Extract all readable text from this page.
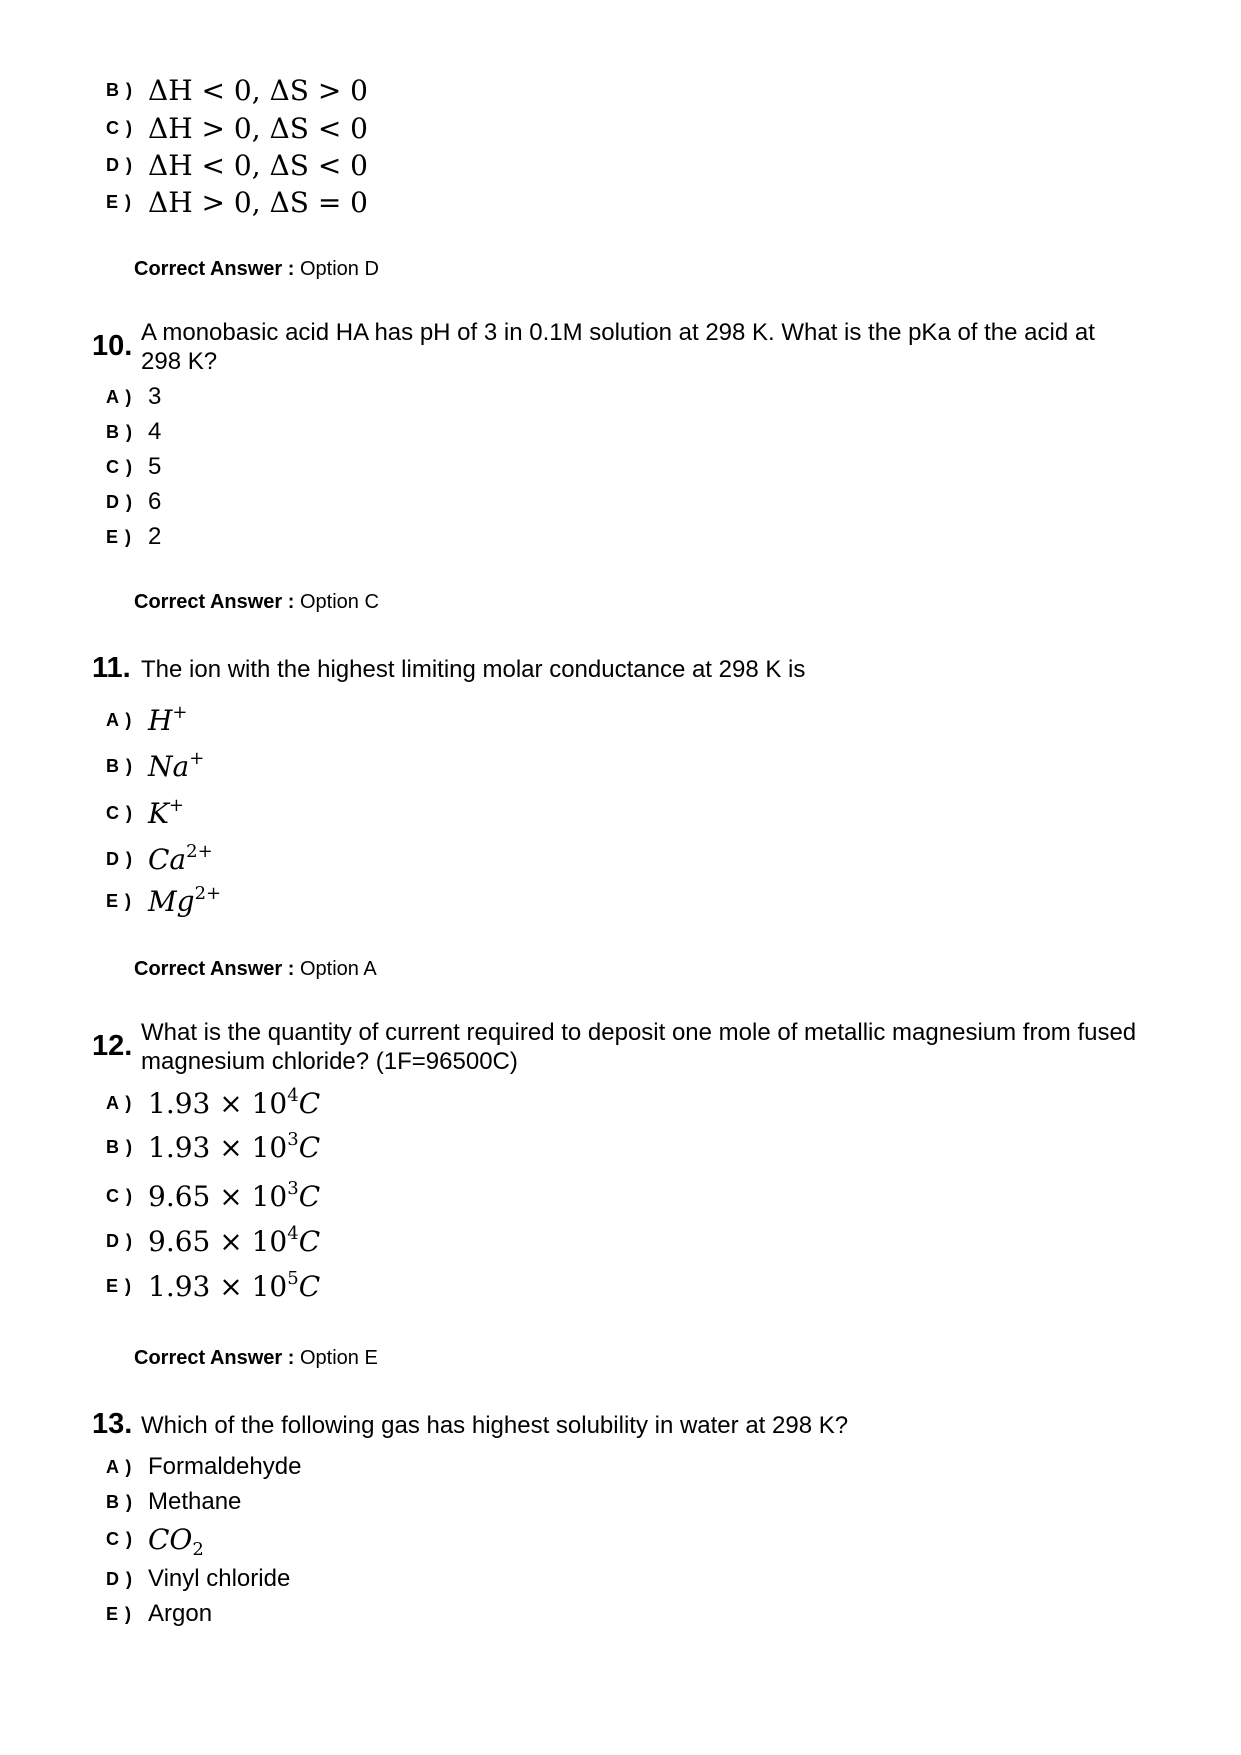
B ) ΔH < 0, ΔS > 0
C ) ΔH > 0, ΔS < 0
D ) ΔH < 0, ΔS < 0
E ) ΔH > 0, ΔS = 0
Correct Answer : Option D
10. A monobasic acid HA has pH of 3 in 0.1M solution at 298 K. What is the pKa of the acid at 298 K?
A ) 3
B ) 4
C ) 5
D ) 6
E ) 2
Correct Answer : Option C
11. The ion with the highest limiting molar conductance at 298 K is
A ) H+
B ) Na+
C ) K+
D ) $Ca^{2+}$
E ) $Mg^{2+}$
Correct Answer : Option A
12. What is the quantity of current required to deposit one mole of metallic magnesium from fused magnesium chloride? (1F=96500C)
A ) $1.93 \times 10^4C$
B ) $1.93 \times 10^3C$
C ) $9.65 \times 10^3C$
D ) $9.65 \times 10^4C$
E ) $1.93 \times 10^5C$
Correct Answer : Option E
13. Which of the following gas has highest solubility in water at 298 K?
A ) Formaldehyde
B ) Methane
C ) $CO_2$
D ) Vinyl chloride
E ) Argon
